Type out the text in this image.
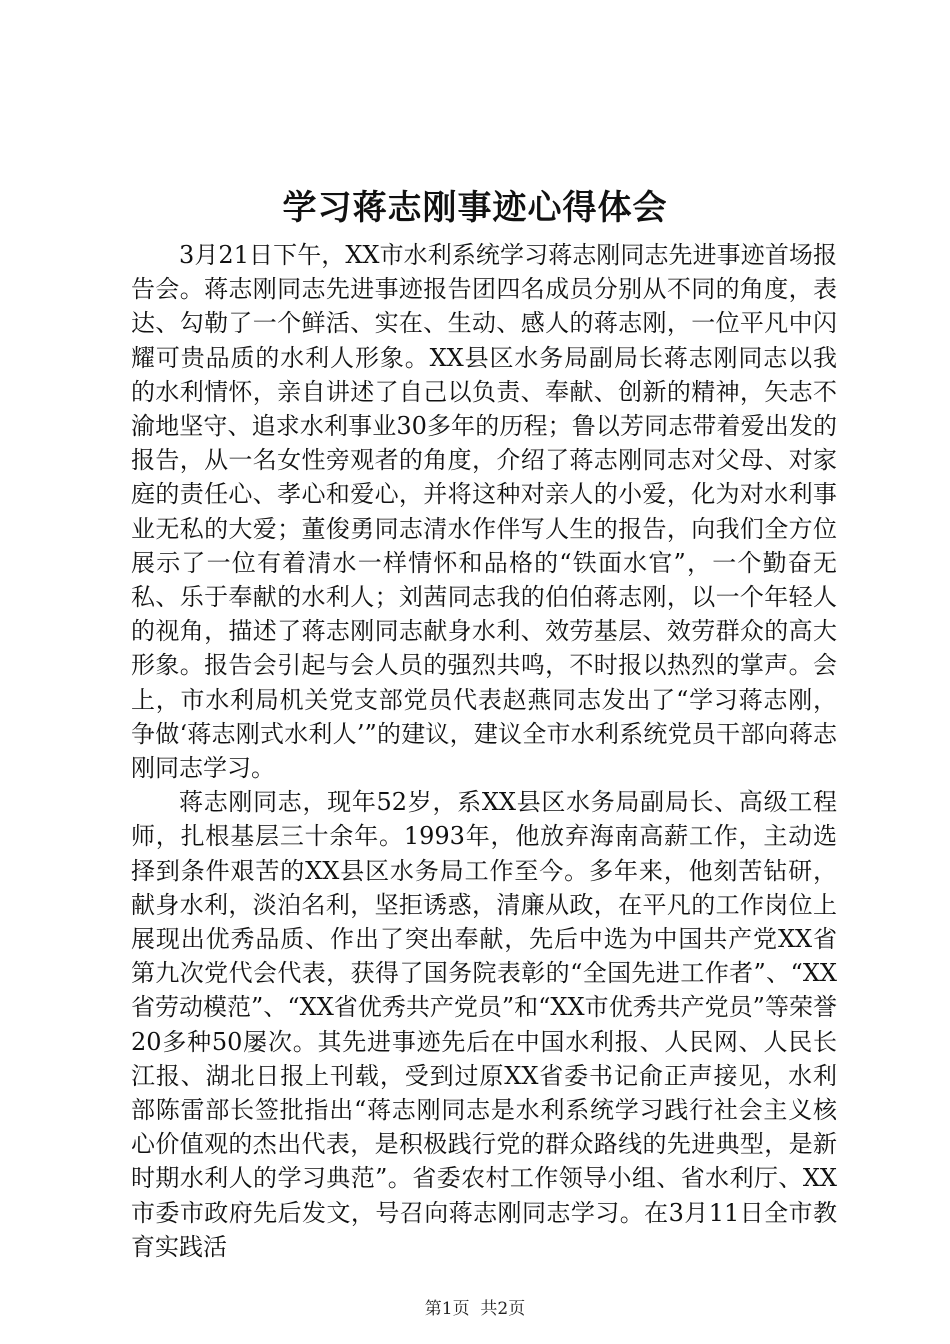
学习蒋志刚事迹心得体会

3月21日下午，XX市水利系统学习蒋志刚同志先进事迹首场报告会。蒋志刚同志先进事迹报告团四名成员分别从不同的角度，表达、勾勒了一个鲜活、实在、生动、感人的蒋志刚，一位平凡中闪耀可贵品质的水利人形象。XX县区水务局副局长蒋志刚同志以我的水利情怀，亲自讲述了自己以负责、奉献、创新的精神，矢志不渝地坚守、追求水利事业30多年的历程；鲁以芳同志带着爱出发的报告，从一名女性旁观者的角度，介绍了蒋志刚同志对父母、对家庭的责任心、孝心和爱心，并将这种对亲人的小爱，化为对水利事业无私的大爱；董俊勇同志清水作伴写人生的报告，向我们全方位展示了一位有着清水一样情怀和品格的“铁面水官”，一个勤奋无私、乐于奉献的水利人；刘茜同志我的伯伯蒋志刚，以一个年轻人的视角，描述了蒋志刚同志献身水利、效劳基层、效劳群众的高大形象。报告会引起与会人员的强烈共鸣，不时报以热烈的掌声。会上，市水利局机关党支部党员代表赵燕同志发出了“学习蒋志刚，争做‘蒋志刚式水利人’”的建议，建议全市水利系统党员干部向蒋志刚同志学习。

蒋志刚同志，现年52岁，系XX县区水务局副局长、高级工程师，扎根基层三十余年。1993年，他放弃海南高薪工作，主动选择到条件艰苦的XX县区水务局工作至今。多年来，他刻苦钻研，献身水利，淡泊名利，坚拒诱惑，清廉从政，在平凡的工作岗位上展现出优秀品质、作出了突出奉献，先后中选为中国共产党XX省第九次党代会代表，获得了国务院表彰的“全国先进工作者”、“XX省劳动模范”、“XX省优秀共产党员”和“XX市优秀共产党员”等荣誉20多种50屡次。其先进事迹先后在中国水利报、人民网、人民长江报、湖北日报上刊载，受到过原XX省委书记俞正声接见，水利部陈雷部长签批指出“蒋志刚同志是水利系统学习践行社会主义核心价值观的杰出代表，是积极践行党的群众路线的先进典型，是新时期水利人的学习典范”。省委农村工作领导小组、省水利厅、XX市委市政府先后发文，号召向蒋志刚同志学习。在3月11日全市教育实践活

第1页 共2页
